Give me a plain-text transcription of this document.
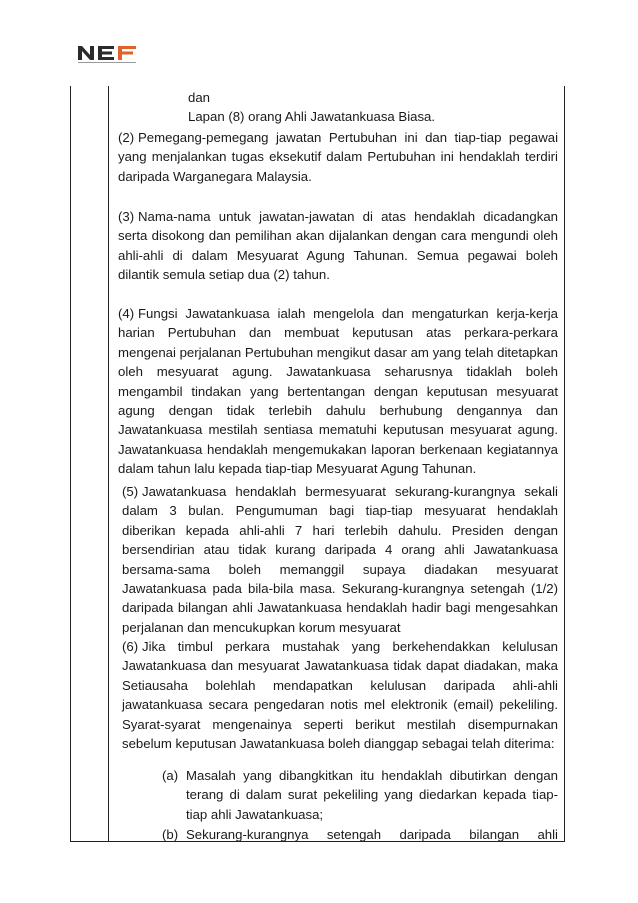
dan
Lapan (8) orang Ahli Jawatankuasa Biasa.
(2) Pemegang-pemegang jawatan Pertubuhan ini dan tiap-tiap pegawai yang menjalankan tugas eksekutif dalam Pertubuhan ini hendaklah terdiri daripada Warganegara Malaysia.
(3) Nama-nama untuk jawatan-jawatan di atas hendaklah dicadangkan serta disokong dan pemilihan akan dijalankan dengan cara mengundi oleh ahli-ahli di dalam Mesyuarat Agung Tahunan. Semua pegawai boleh dilantik semula setiap dua (2) tahun.
(4) Fungsi Jawatankuasa ialah mengelola dan mengaturkan kerja-kerja harian Pertubuhan dan membuat keputusan atas perkara-perkara mengenai perjalanan Pertubuhan mengikut dasar am yang telah ditetapkan oleh mesyuarat agung. Jawatankuasa seharusnya tidaklah boleh mengambil tindakan yang bertentangan dengan keputusan mesyuarat agung dengan tidak terlebih dahulu berhubung dengannya dan Jawatankuasa mestilah sentiasa mematuhi keputusan mesyuarat agung. Jawatankuasa hendaklah mengemukakan laporan berkenaan kegiatannya dalam tahun lalu kepada tiap-tiap Mesyuarat Agung Tahunan.
(5) Jawatankuasa hendaklah bermesyuarat sekurang-kurangnya sekali dalam 3 bulan. Pengumuman bagi tiap-tiap mesyuarat hendaklah diberikan kepada ahli-ahli 7 hari terlebih dahulu. Presiden dengan bersendirian atau tidak kurang daripada 4 orang ahli Jawatankuasa bersama-sama boleh memanggil supaya diadakan mesyuarat Jawatankuasa pada bila-bila masa. Sekurang-kurangnya setengah (1/2) daripada bilangan ahli Jawatankuasa hendaklah hadir bagi mengesahkan perjalanan dan mencukupkan korum mesyuarat
(6) Jika timbul perkara mustahak yang berkehendakkan kelulusan Jawatankuasa dan mesyuarat Jawatankuasa tidak dapat diadakan, maka Setiausaha bolehlah mendapatkan kelulusan daripada ahli-ahli jawatankuasa secara pengedaran notis mel elektronik (email) pekeliling. Syarat-syarat mengenainya seperti berikut mestilah disempurnakan sebelum keputusan Jawatankuasa boleh dianggap sebagai telah diterima:
(a) Masalah yang dibangkitkan itu hendaklah dibutirkan dengan terang di dalam surat pekeliling yang diedarkan kepada tiap-tiap ahli Jawatankuasa;
(b) Sekurang-kurangnya setengah daripada bilangan ahli
